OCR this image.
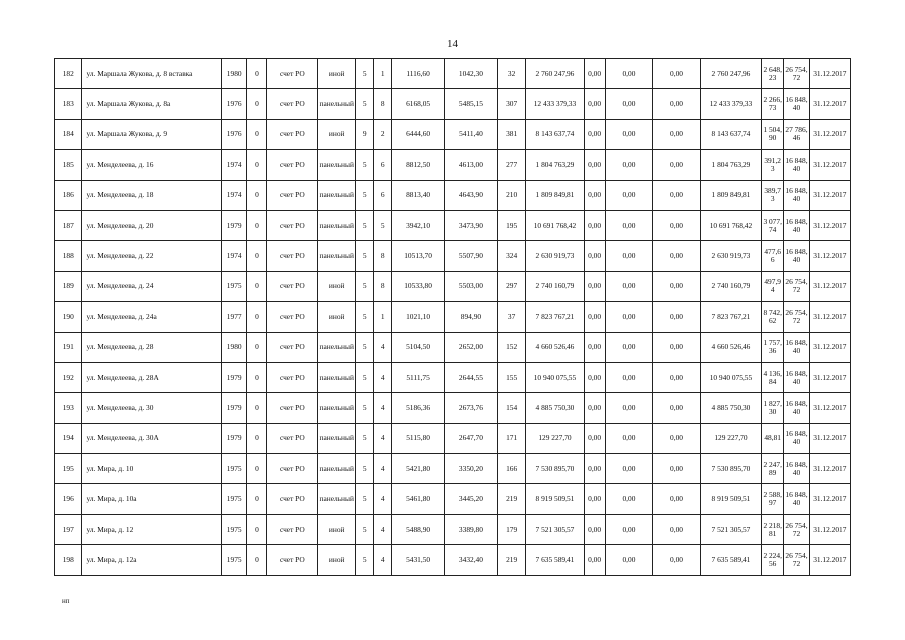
14
182	ул. Маршала Жукова, д. 8 вставка	1980	0	счет РО	иной	5	1	1116,60	1042,30	32	2 760 247,96	0,00	0,00	0,00	2 760 247,96	2 648,23	26 754,72	31.12.2017
183	ул. Маршала Жукова, д. 8а	1976	0	счет РО	панельный	5	8	6168,05	5485,15	307	12 433 379,33	0,00	0,00	0,00	12 433 379,33	2 266,73	16 848,40	31.12.2017
184	ул. Маршала Жукова, д. 9	1976	0	счет РО	иной	9	2	6444,60	5411,40	381	8 143 637,74	0,00	0,00	0,00	8 143 637,74	1 504,90	27 786,46	31.12.2017
185	ул. Менделеева, д. 16	1974	0	счет РО	панельный	5	6	8812,50	4613,00	277	1 804 763,29	0,00	0,00	0,00	1 804 763,29	391,23	16 848,40	31.12.2017
186	ул. Менделеева, д. 18	1974	0	счет РО	панельный	5	6	8813,40	4643,90	210	1 809 849,81	0,00	0,00	0,00	1 809 849,81	389,73	16 848,40	31.12.2017
187	ул. Менделеева, д. 20	1979	0	счет РО	панельный	5	5	3942,10	3473,90	195	10 691 768,42	0,00	0,00	0,00	10 691 768,42	3 077,74	16 848,40	31.12.2017
188	ул. Менделеева, д. 22	1974	0	счет РО	панельный	5	8	10513,70	5507,90	324	2 630 919,73	0,00	0,00	0,00	2 630 919,73	477,66	16 848,40	31.12.2017
189	ул. Менделеева, д. 24	1975	0	счет РО	иной	5	8	10533,80	5503,00	297	2 740 160,79	0,00	0,00	0,00	2 740 160,79	497,94	26 754,72	31.12.2017
190	ул. Менделеева, д. 24а	1977	0	счет РО	иной	5	1	1021,10	894,90	37	7 823 767,21	0,00	0,00	0,00	7 823 767,21	8 742,62	26 754,72	31.12.2017
191	ул. Менделеева, д. 28	1980	0	счет РО	панельный	5	4	5104,50	2652,00	152	4 660 526,46	0,00	0,00	0,00	4 660 526,46	1 757,36	16 848,40	31.12.2017
192	ул. Менделеева, д. 28А	1979	0	счет РО	панельный	5	4	5111,75	2644,55	155	10 940 075,55	0,00	0,00	0,00	10 940 075,55	4 136,84	16 848,40	31.12.2017
193	ул. Менделеева, д. 30	1979	0	счет РО	панельный	5	4	5186,36	2673,76	154	4 885 750,30	0,00	0,00	0,00	4 885 750,30	1 827,30	16 848,40	31.12.2017
194	ул. Менделеева, д. 30А	1979	0	счет РО	панельный	5	4	5115,80	2647,70	171	129 227,70	0,00	0,00	0,00	129 227,70	48,81	16 848,40	31.12.2017
195	ул. Мира, д. 10	1975	0	счет РО	панельный	5	4	5421,80	3350,20	166	7 530 895,70	0,00	0,00	0,00	7 530 895,70	2 247,89	16 848,40	31.12.2017
196	ул. Мира, д. 10а	1975	0	счет РО	панельный	5	4	5461,80	3445,20	219	8 919 509,51	0,00	0,00	0,00	8 919 509,51	2 588,97	16 848,40	31.12.2017
197	ул. Мира, д. 12	1975	0	счет РО	иной	5	4	5488,90	3389,80	179	7 521 305,57	0,00	0,00	0,00	7 521 305,57	2 218,81	26 754,72	31.12.2017
198	ул. Мира, д. 12а	1975	0	счет РО	иной	5	4	5431,50	3432,40	219	7 635 589,41	0,00	0,00	0,00	7 635 589,41	2 224,56	26 754,72	31.12.2017
нп
